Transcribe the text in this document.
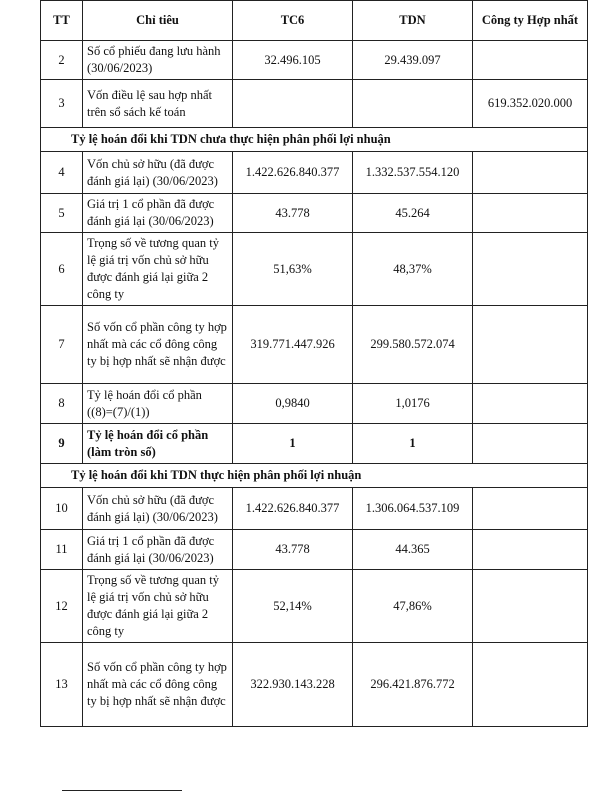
TT	Chỉ tiêu	TC6	TDN	Công ty Hợp nhất
2	Số cổ phiếu đang lưu hành (30/06/2023)	32.496.105	29.439.097	
3	Vốn điều lệ sau hợp nhất trên sổ sách kế toán			619.352.020.000
Tỷ lệ hoán đổi khi TDN chưa thực hiện phân phối lợi nhuận				
4	Vốn chủ sở hữu (đã được đánh giá lại) (30/06/2023)	1.422.626.840.377	1.332.537.554.120	
5	Giá trị 1 cổ phần đã được đánh giá lại (30/06/2023)	43.778	45.264	
6	Trọng số về tương quan tỷ lệ giá trị vốn chủ sở hữu được đánh giá lại giữa 2 công ty	51,63%	48,37%	
7	Số vốn cổ phần công ty hợp nhất mà các cổ đông công ty bị hợp nhất sẽ nhận được	319.771.447.926	299.580.572.074	
8	Tỷ lệ hoán đổi cổ phần ((8)=(7)/(1))	0,9840	1,0176	
9	Tỷ lệ hoán đổi cổ phần (làm tròn số)	1	1	
Tỷ lệ hoán đổi khi TDN thực hiện phân phối lợi nhuận				
10	Vốn chủ sở hữu (đã được đánh giá lại) (30/06/2023)	1.422.626.840.377	1.306.064.537.109	
11	Giá trị 1 cổ phần đã được đánh giá lại (30/06/2023)	43.778	44.365	
12	Trọng số về tương quan tỷ lệ giá trị vốn chủ sở hữu được đánh giá lại giữa 2 công ty	52,14%	47,86%	
13	Số vốn cổ phần công ty hợp nhất mà các cổ đông công ty bị hợp nhất sẽ nhận được	322.930.143.228	296.421.876.772	
